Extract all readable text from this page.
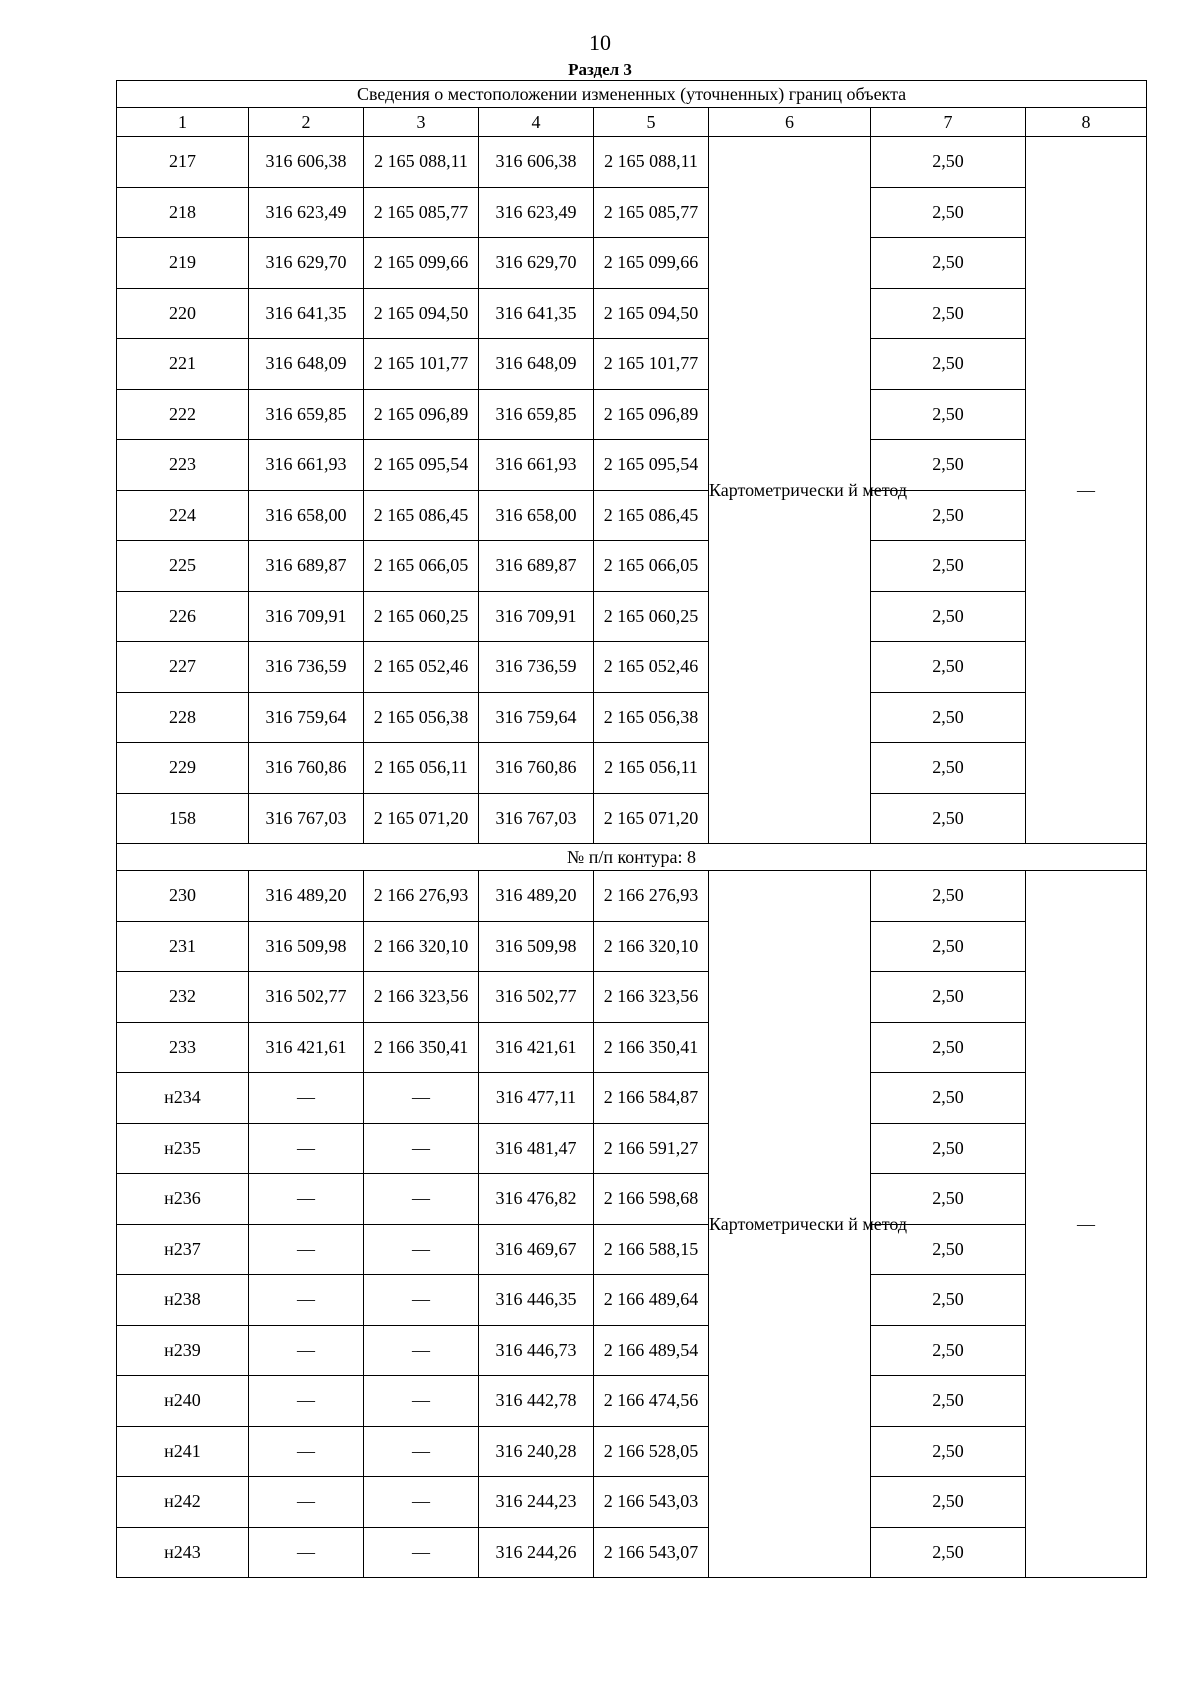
10
Раздел 3
Сведения о местоположении измененных (уточненных) границ объекта							
1	2	3	4	5	6	7	8
217	316 606,38	2 165 088,11	316 606,38	2 165 088,11	Картометрически й метод	2,50	—
218	316 623,49	2 165 085,77	316 623,49	2 165 085,77		2,50	
219	316 629,70	2 165 099,66	316 629,70	2 165 099,66		2,50	
220	316 641,35	2 165 094,50	316 641,35	2 165 094,50		2,50	
221	316 648,09	2 165 101,77	316 648,09	2 165 101,77		2,50	
222	316 659,85	2 165 096,89	316 659,85	2 165 096,89		2,50	
223	316 661,93	2 165 095,54	316 661,93	2 165 095,54		2,50	
224	316 658,00	2 165 086,45	316 658,00	2 165 086,45		2,50	
225	316 689,87	2 165 066,05	316 689,87	2 165 066,05		2,50	
226	316 709,91	2 165 060,25	316 709,91	2 165 060,25		2,50	
227	316 736,59	2 165 052,46	316 736,59	2 165 052,46		2,50	
228	316 759,64	2 165 056,38	316 759,64	2 165 056,38		2,50	
229	316 760,86	2 165 056,11	316 760,86	2 165 056,11		2,50	
158	316 767,03	2 165 071,20	316 767,03	2 165 071,20		2,50	
№ п/п контура: 8							
230	316 489,20	2 166 276,93	316 489,20	2 166 276,93	Картометрически й метод	2,50	—
231	316 509,98	2 166 320,10	316 509,98	2 166 320,10		2,50	
232	316 502,77	2 166 323,56	316 502,77	2 166 323,56		2,50	
233	316 421,61	2 166 350,41	316 421,61	2 166 350,41		2,50	
н234	—	—	316 477,11	2 166 584,87		2,50	
н235	—	—	316 481,47	2 166 591,27		2,50	
н236	—	—	316 476,82	2 166 598,68		2,50	
н237	—	—	316 469,67	2 166 588,15		2,50	
н238	—	—	316 446,35	2 166 489,64		2,50	
н239	—	—	316 446,73	2 166 489,54		2,50	
н240	—	—	316 442,78	2 166 474,56		2,50	
н241	—	—	316 240,28	2 166 528,05		2,50	
н242	—	—	316 244,23	2 166 543,03		2,50	
н243	—	—	316 244,26	2 166 543,07		2,50	
